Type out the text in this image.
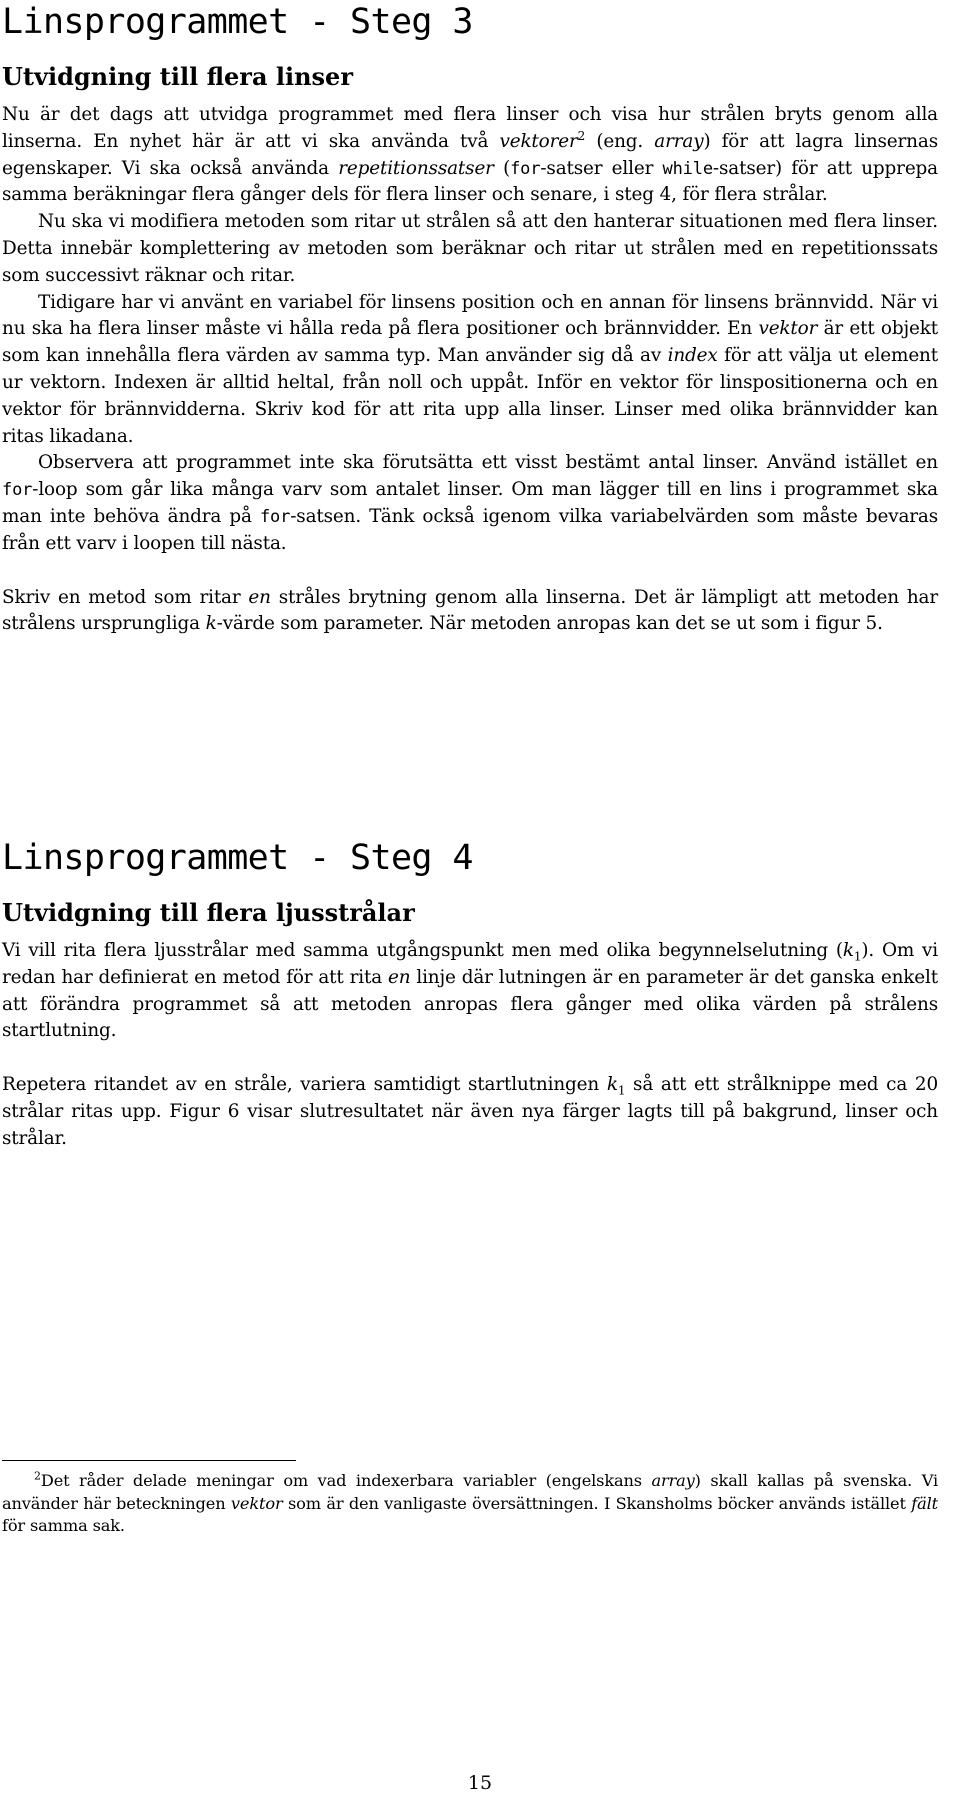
Linsprogrammet - Steg 3
Utvidgning till flera linser

Nu är det dags att utvidga programmet med flera linser och visa hur strålen bryts genom alla linserna. En nyhet här är att vi ska använda två vektorer$^2$ (eng. array) för att lagra linsernas egenskaper. Vi ska också använda repetitionssatser (for-satser eller while-satser) för att upprepa samma beräkningar flera gånger dels för flera linser och senare, i steg 4, för flera strålar.

Nu ska vi modifiera metoden som ritar ut strålen så att den hanterar situationen med flera linser. Detta innebär komplettering av metoden som beräknar och ritar ut strålen med en repetitionssats som successivt räknar och ritar.

Tidigare har vi använt en variabel för linsens position och en annan för linsens brännvidd. När vi nu ska ha flera linser måste vi hålla reda på flera positioner och brännvidder. En vektor är ett objekt som kan innehålla flera värden av samma typ. Man använder sig då av index för att välja ut element ur vektorn. Indexen är alltid heltal, från noll och uppåt. Inför en vektor för linspositionerna och en vektor för brännvidderna. Skriv kod för att rita upp alla linser. Linser med olika brännvidder kan ritas likadana.

Observera att programmet inte ska förutsätta ett visst bestämt antal linser. Använd istället en for-loop som går lika många varv som antalet linser. Om man lägger till en lins i programmet ska man inte behöva ändra på for-satsen. Tänk också igenom vilka variabelvärden som måste bevaras från ett varv i loopen till nästa.

Skriv en metod som ritar en stråles brytning genom alla linserna. Det är lämpligt att metoden har strålens ursprungliga k-värde som parameter. När metoden anropas kan det se ut som i figur 5.

Linsprogrammet - Steg 4
Utvidgning till flera ljusstrålar

Vi vill rita flera ljusstrålar med samma utgångspunkt men med olika begynnelselutning $(k_1)$. Om vi redan har definierat en metod för att rita en linje där lutningen är en parameter är det ganska enkelt att förändra programmet så att metoden anropas flera gånger med olika värden på strålens startlutning.

Repetera ritandet av en stråle, variera samtidigt startlutningen $k_1$ så att ett strålknippe med ca 20 strålar ritas upp. Figur 6 visar slutresultatet när även nya färger lagts till på bakgrund, linser och strålar.

$^2$Det råder delade meningar om vad indexerbara variabler (engelskans array) skall kallas på svenska. Vi använder här beteckningen vektor som är den vanligaste översättningen. I Skansholms böcker används istället fält för samma sak.

15
